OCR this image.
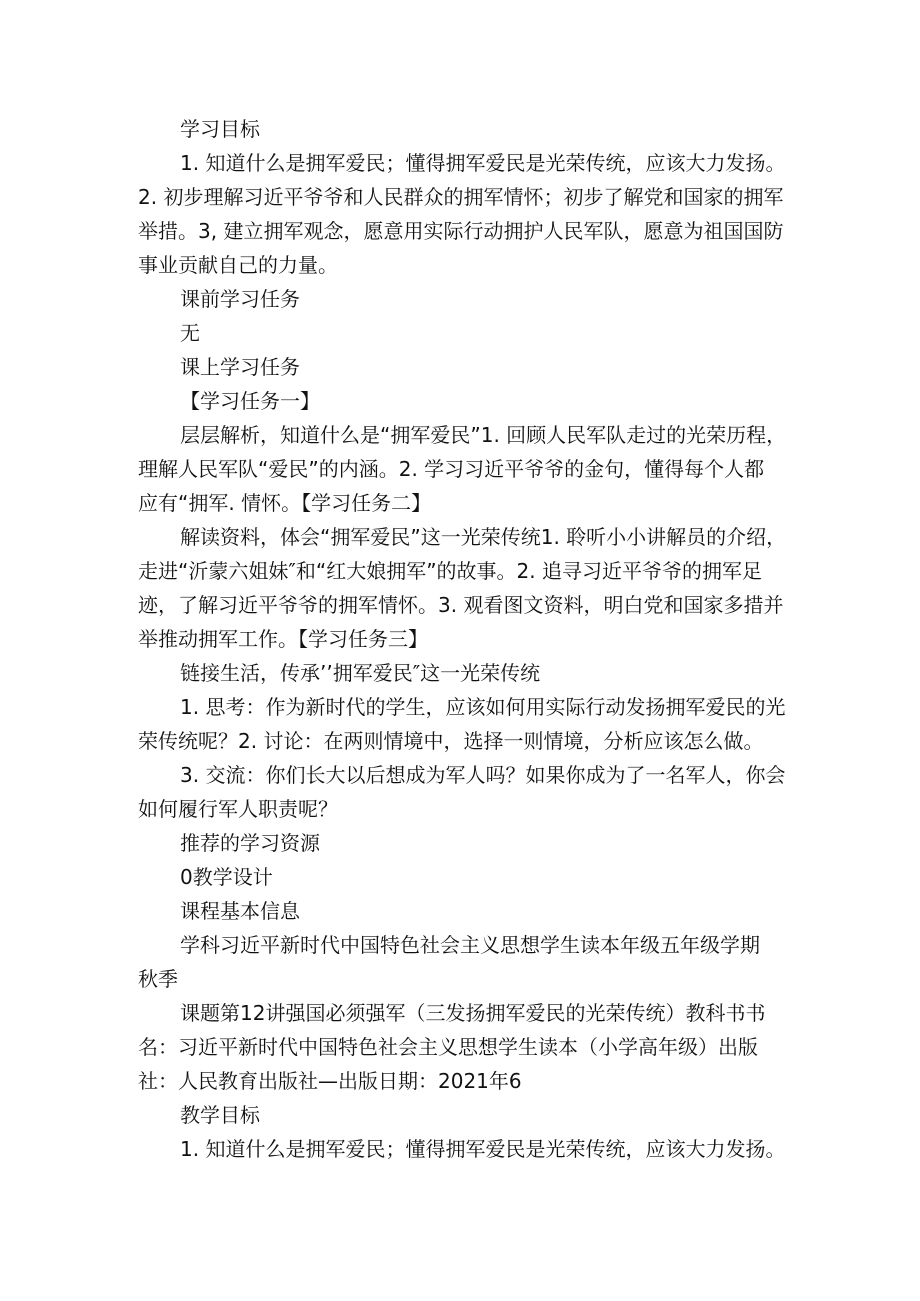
学习目标
1. 知道什么是拥军爱民；懂得拥军爱民是光荣传统，应该大力发扬。
2. 初步理解习近平爷爷和人民群众的拥军情怀；初步了解党和国家的拥军
举措。3, 建立拥军观念，愿意用实际行动拥护人民军队，愿意为祖国国防
事业贡献自己的力量。
课前学习任务
无
课上学习任务
【学习任务一】
层层解析，知道什么是“拥军爱民”1. 回顾人民军队走过的光荣历程，
理解人民军队“爱民”的内涵。2. 学习习近平爷爷的金句，懂得每个人都
应有“拥军. 情怀。【学习任务二】
解读资料，体会“拥军爱民”这一光荣传统1. 聆听小小讲解员的介绍，
走进“沂蒙六姐妹″和“红大娘拥军”的故事。2. 追寻习近平爷爷的拥军足
迹，了解习近平爷爷的拥军情怀。3. 观看图文资料，明白党和国家多措并
举推动拥军工作。【学习任务三】
链接生活，传承’’拥军爱民″这一光荣传统
1. 思考：作为新时代的学生，应该如何用实际行动发扬拥军爱民的光
荣传统呢？2. 讨论：在两则情境中，选择一则情境，分析应该怎么做。
3. 交流：你们长大以后想成为军人吗？如果你成为了一名军人，你会
如何履行军人职责呢？
推荐的学习资源
0教学设计
课程基本信息
学科习近平新时代中国特色社会主义思想学生读本年级五年级学期
秋季
课题第12讲强国必须强军（三发扬拥军爱民的光荣传统）教科书书
名：习近平新时代中国特色社会主义思想学生读本（小学高年级）出版
社：人民教育出版社—出版日期：2021年6
教学目标
1. 知道什么是拥军爱民；懂得拥军爱民是光荣传统，应该大力发扬。
